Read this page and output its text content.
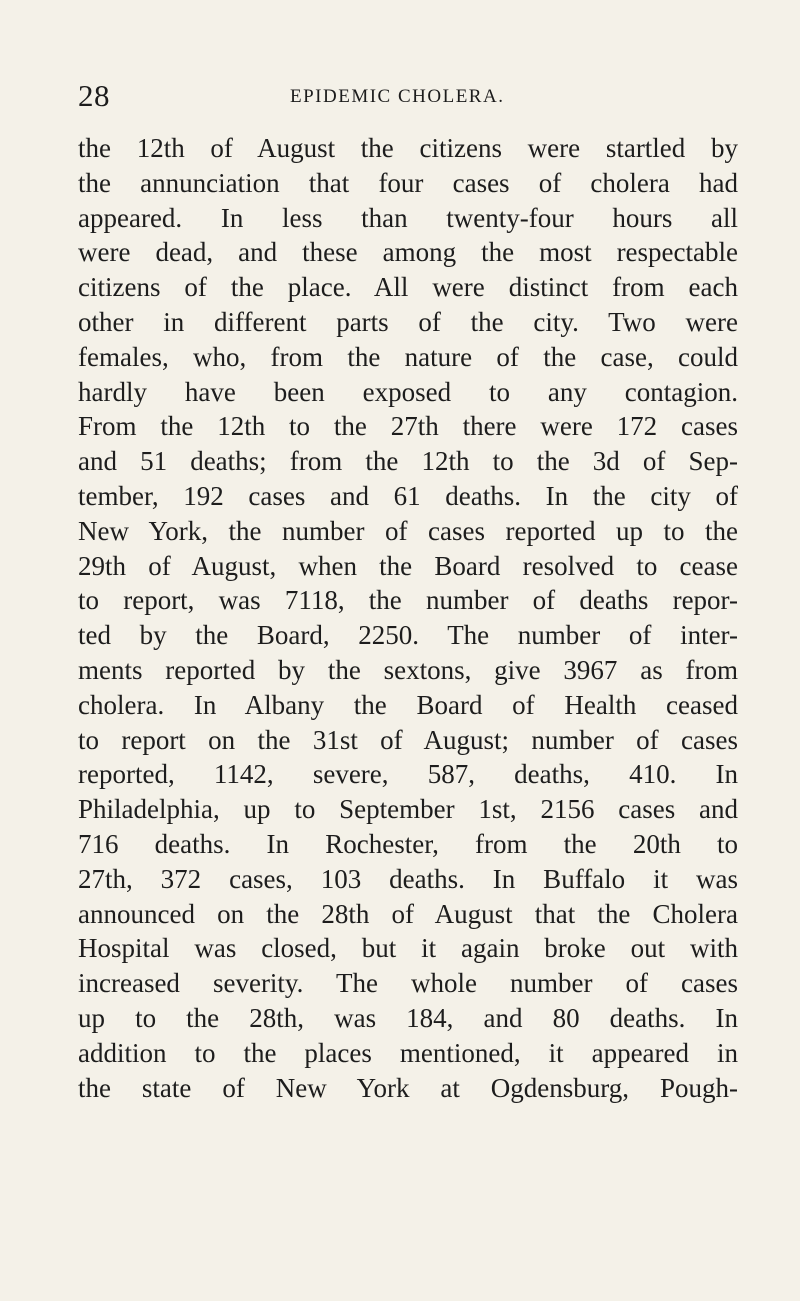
28	EPIDEMIC CHOLERA.
the 12th of August the citizens were startled by
the annunciation that four cases of cholera had
appeared. In less than twenty-four hours all
were dead, and these among the most respectable
citizens of the place. All were distinct from each
other in different parts of the city. Two were
females, who, from the nature of the case, could
hardly have been exposed to any contagion.
From the 12th to the 27th there were 172 cases
and 51 deaths; from the 12th to the 3d of Sep-
tember, 192 cases and 61 deaths. In the city of
New York, the number of cases reported up to the
29th of August, when the Board resolved to cease
to report, was 7118, the number of deaths repor-
ted by the Board, 2250. The number of inter-
ments reported by the sextons, give 3967 as from
cholera. In Albany the Board of Health ceased
to report on the 31st of August; number of cases
reported, 1142, severe, 587, deaths, 410. In
Philadelphia, up to September 1st, 2156 cases and
716 deaths. In Rochester, from the 20th to
27th, 372 cases, 103 deaths. In Buffalo it was
announced on the 28th of August that the Cholera
Hospital was closed, but it again broke out with
increased severity. The whole number of cases
up to the 28th, was 184, and 80 deaths. In
addition to the places mentioned, it appeared in
the state of New York at Ogdensburg, Pough-
